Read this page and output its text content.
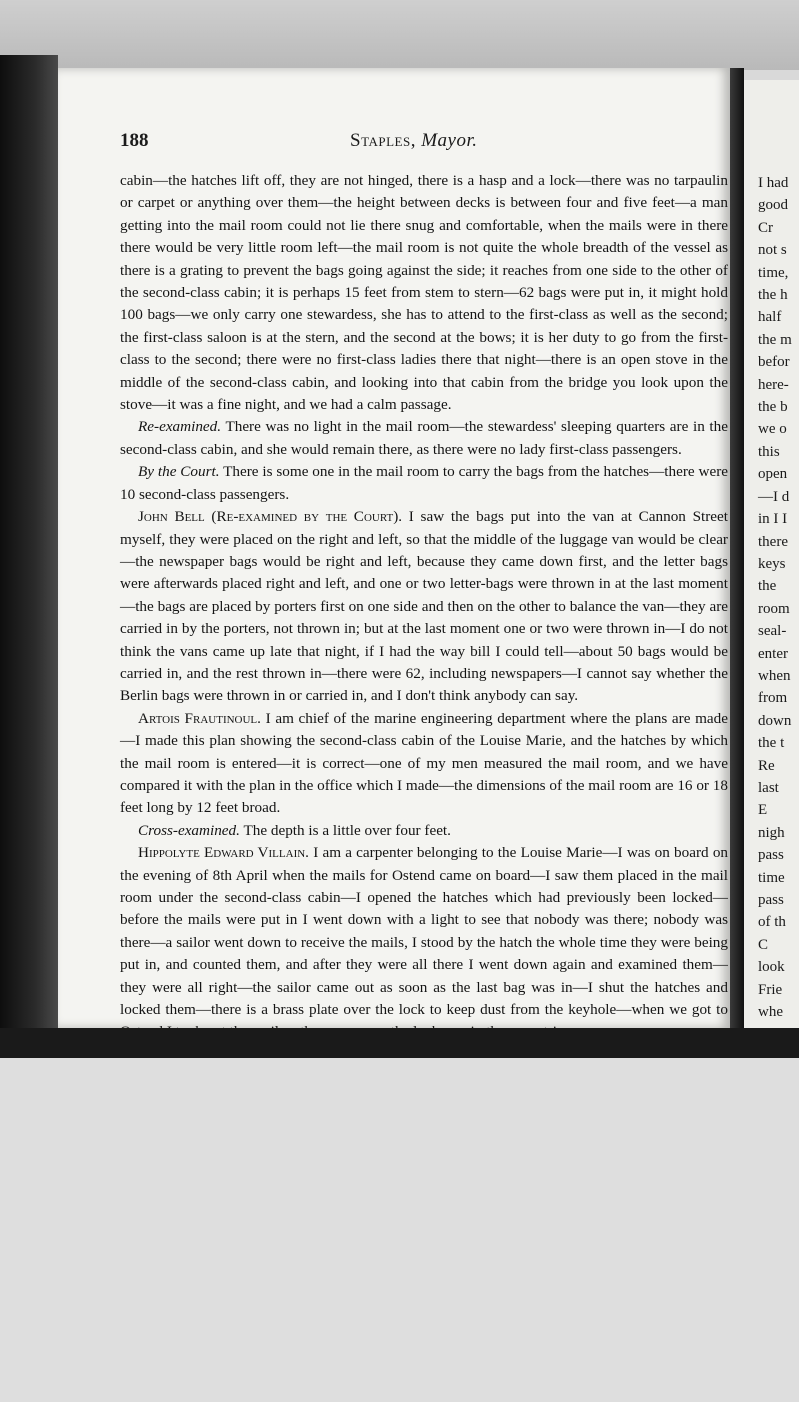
I had
good
Cr
not s
time,
the h
half
the m
befor
here-
the b
we o
this
open
—I d
in I I
there
keys
the
room
seal-
enter
when
from
down
the t
Re
last
E
nigh
pass
time
pass
of th
C
look
Frie
whe

188	Staples, Mayor.

cabin—the hatches lift off, they are not hinged, there is a hasp and a lock—there was no tarpaulin or carpet or anything over them—the height between decks is between four and five feet—a man getting into the mail room could not lie there snug and comfortable, when the mails were in there there would be very little room left—the mail room is not quite the whole breadth of the vessel as there is a grating to prevent the bags going against the side; it reaches from one side to the other of the second-class cabin; it is perhaps 15 feet from stem to stern—62 bags were put in, it might hold 100 bags—we only carry one stewardess, she has to attend to the first-class as well as the second; the first-class saloon is at the stern, and the second at the bows; it is her duty to go from the first-class to the second; there were no first-class ladies there that night—there is an open stove in the middle of the second-class cabin, and looking into that cabin from the bridge you look upon the stove—it was a fine night, and we had a calm passage.

Re-examined. There was no light in the mail room—the stewardess' sleeping quarters are in the second-class cabin, and she would remain there, as there were no lady first-class passengers.

By the Court. There is some one in the mail room to carry the bags from the hatches—there were 10 second-class passengers.

John Bell (Re-examined by the Court). I saw the bags put into the van at Cannon Street myself, they were placed on the right and left, so that the middle of the luggage van would be clear—the newspaper bags would be right and left, because they came down first, and the letter bags were afterwards placed right and left, and one or two letter-bags were thrown in at the last moment—the bags are placed by porters first on one side and then on the other to balance the van—they are carried in by the porters, not thrown in; but at the last moment one or two were thrown in—I do not think the vans came up late that night, if I had the way bill I could tell—about 50 bags would be carried in, and the rest thrown in—there were 62, including newspapers—I cannot say whether the Berlin bags were thrown in or carried in, and I don't think anybody can say.

Artois Frautinoul. I am chief of the marine engineering department where the plans are made—I made this plan showing the second-class cabin of the Louise Marie, and the hatches by which the mail room is entered—it is correct—one of my men measured the mail room, and we have compared it with the plan in the office which I made—the dimensions of the mail room are 16 or 18 feet long by 12 feet broad.

Cross-examined. The depth is a little over four feet.

Hippolyte Edward Villain. I am a carpenter belonging to the Louise Marie—I was on board on the evening of 8th April when the mails for Ostend came on board—I saw them placed in the mail room under the second-class cabin—I opened the hatches which had previously been locked—before the mails were put in I went down with a light to see that nobody was there; nobody was there—a sailor went down to receive the mails, I stood by the hatch the whole time they were being put in, and counted them, and after they were all there I went down again and examined them—they were all right—the sailor came out as soon as the last bag was in—I shut the hatches and locked them—there is a brass plate over the lock to keep dust from the keyhole—when we got to
